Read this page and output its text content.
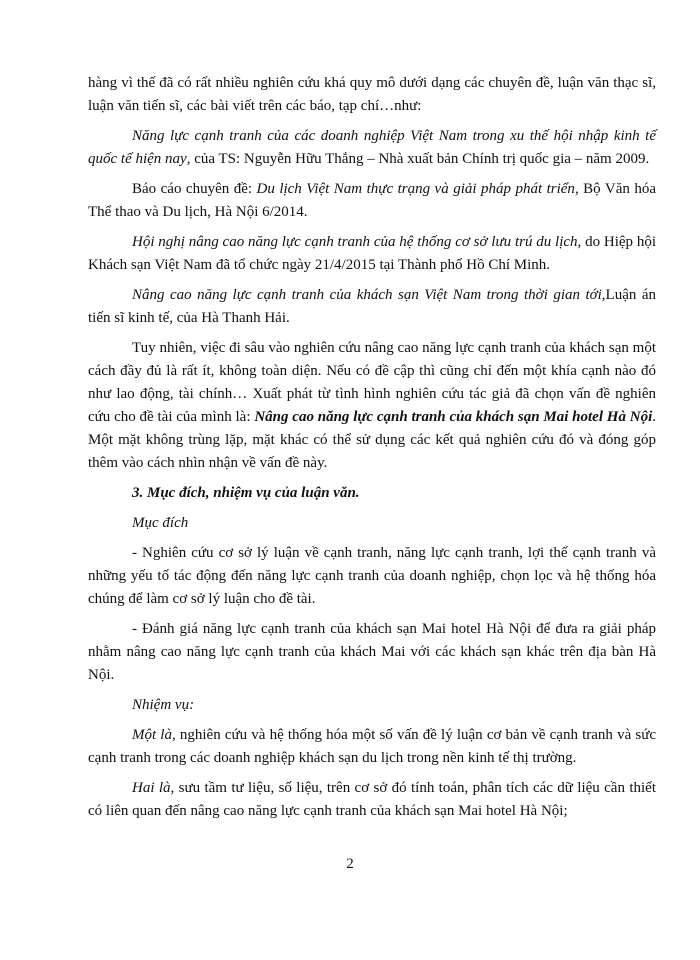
hàng vì thế đã có rất nhiều nghiên cứu khá quy mô dưới dạng các chuyên đề, luận văn thạc sĩ, luận văn tiến sĩ, các bài viết trên các báo, tạp chí…như:

Năng lực cạnh tranh của các doanh nghiệp Việt Nam trong xu thế hội nhập kinh tế quốc tế hiện nay, của TS: Nguyễn Hữu Thắng – Nhà xuất bản Chính trị quốc gia – năm 2009.

Báo cáo chuyên đề: Du lịch Việt Nam thực trạng và giải pháp phát triển, Bộ Văn hóa Thể thao và Du lịch, Hà Nội 6/2014.

Hội nghị nâng cao năng lực cạnh tranh của hệ thống cơ sở lưu trú du lịch, do Hiệp hội Khách sạn Việt Nam đã tổ chức ngày 21/4/2015 tại Thành phố Hồ Chí Minh.

Nâng cao năng lực cạnh tranh của khách sạn Việt Nam trong thời gian tới,Luận án tiến sĩ kinh tế, của Hà Thanh Hải.

Tuy nhiên, việc đi sâu vào nghiên cứu nâng cao năng lực cạnh tranh của khách sạn một cách đầy đủ là rất ít, không toàn diện. Nếu có đề cập thì cũng chỉ đến một khía cạnh nào đó như lao động, tài chính… Xuất phát từ tình hình nghiên cứu tác giả đã chọn vấn đề nghiên cứu cho đề tài của mình là: Nâng cao năng lực cạnh tranh của khách sạn Mai hotel Hà Nội. Một mặt không trùng lặp, mặt khác có thể sử dụng các kết quả nghiên cứu đó và đóng góp thêm vào cách nhìn nhận về vấn đề này.

3. Mục đích, nhiệm vụ của luận văn.

Mục đích

- Nghiên cứu cơ sở lý luận về cạnh tranh, năng lực cạnh tranh, lợi thế cạnh tranh và những yếu tố tác động đến năng lực cạnh tranh của doanh nghiệp, chọn lọc và hệ thống hóa chúng để làm cơ sở lý luận cho đề tài.

- Đánh giá năng lực cạnh tranh của khách sạn Mai hotel Hà Nội để đưa ra giải pháp nhằm nâng cao năng lực cạnh tranh của khách Mai với các khách sạn khác trên địa bàn Hà Nội.

Nhiệm vụ:

Một là, nghiên cứu và hệ thống hóa một số vấn đề lý luận cơ bản về cạnh tranh và sức cạnh tranh trong các doanh nghiệp khách sạn du lịch trong nền kinh tế thị trường.

Hai là, sưu tầm tư liệu, số liệu, trên cơ sở đó tính toán, phân tích các dữ liệu cần thiết có liên quan đến nâng cao năng lực cạnh tranh của khách sạn Mai hotel Hà Nội;

2
